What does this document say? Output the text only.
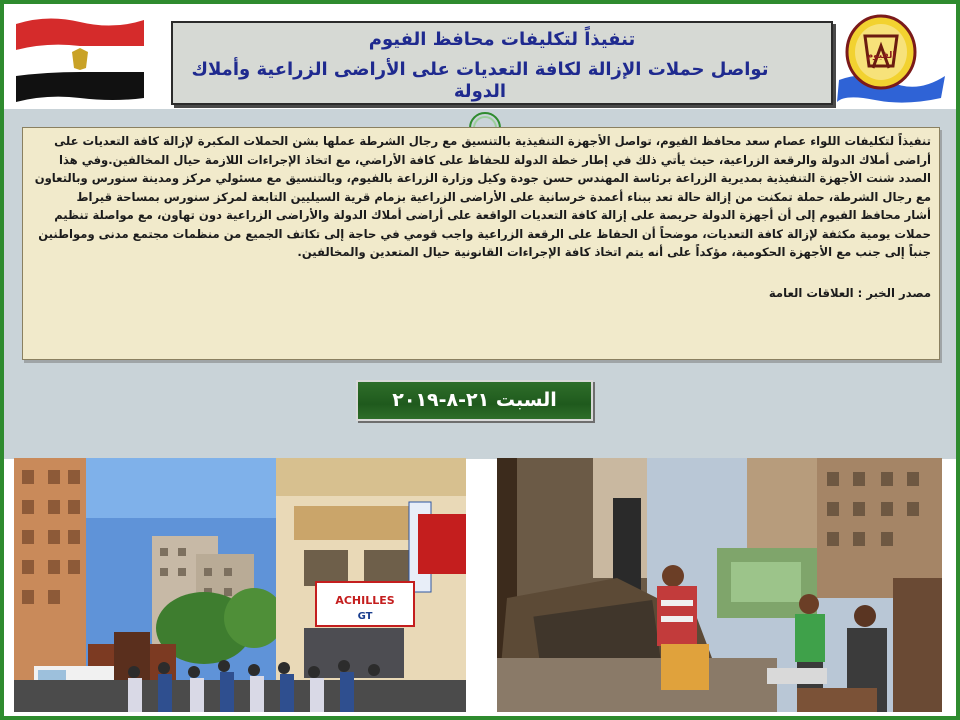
تنفيذاً لتكليفات محافظ الفيوم
تواصل حملات الإزالة لكافة التعديات على الأراضى الزراعية وأملاك الدولة
الفيوم

تنفيذاً لتكليفات اللواء عصام سعد محافظ الفيوم، تواصل الأجهزة التنفيذية بالتنسيق مع رجال الشرطة عملها بشن الحملات المكبرة لإزالة كافة التعديات على أراضى أملاك الدولة والرقعة الزراعية، حيث يأتي ذلك في إطار خطة الدولة للحفاظ على كافة الأراضي، مع اتخاذ الإجراءات اللازمة حيال المخالفين.وفي هذا الصدد شنت الأجهزة التنفيذية بمديرية الزراعة برئاسة المهندس حسن جودة وكيل وزارة الزراعة بالفيوم، وبالتنسيق مع مسئولي مركز ومدينة سنورس وبالتعاون مع رجال الشرطة، حملة تمكنت من إزالة حالة تعد ببناء أعمدة خرسانية على الأراضى الزراعية بزمام قرية السيليين التابعة لمركز سنورس بمساحة قيراط

أشار محافظ الفيوم إلى أن أجهزة الدولة حريصة على إزالة كافة التعديات الواقعة على أراضى أملاك الدولة والأراضى الزراعية دون تهاون، مع مواصلة تنظيم حملات يومية مكثفة لإزالة كافة التعديات، موضحاً أن الحفاظ على الرقعة الزراعية واجب قومي في حاجة إلى تكاتف الجميع من منظمات مجتمع مدنى ومواطنين جنباً إلى جنب مع الأجهزة الحكومية، مؤكداً على أنه يتم اتخاذ كافة الإجراءات القانونية حيال المتعدين والمخالفين.

مصدر الخبر : العلاقات العامة

السبت ٢١-٨-٢٠١٩
ACHILLES
GT
